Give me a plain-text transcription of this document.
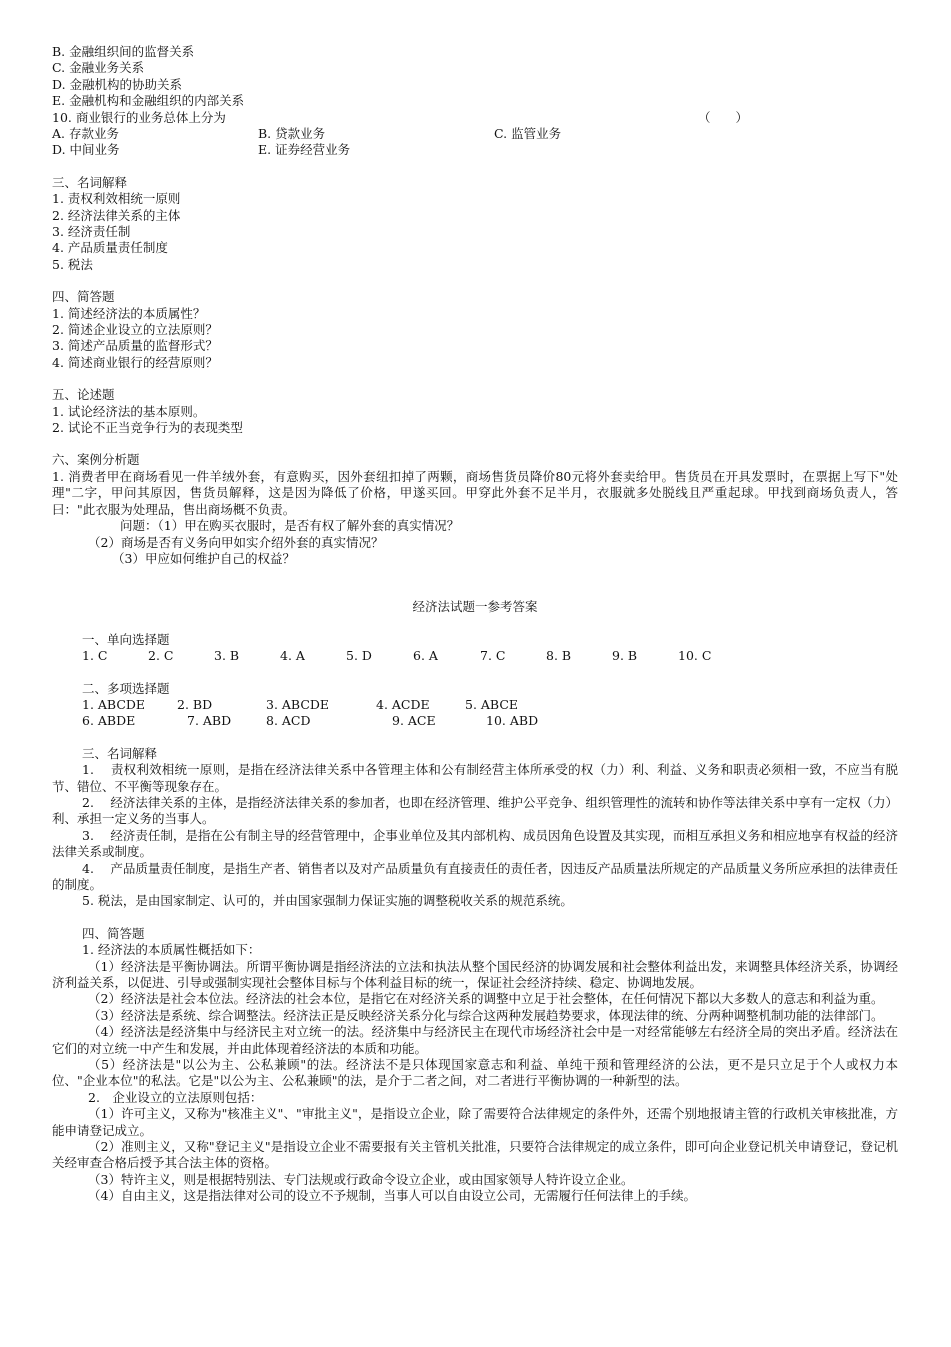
B. 金融组织间的监督关系
C. 金融业务关系
D. 金融机构的协助关系
E. 金融机构和金融组织的内部关系
10. 商业银行的业务总体上分为	（　　）
A. 存款业务	B. 贷款业务	C. 监管业务
D. 中间业务	E. 证券经营业务
三、名词解释
1. 责权利效相统一原则
2. 经济法律关系的主体
3. 经济责任制
4. 产品质量责任制度
5. 税法
四、简答题
1. 简述经济法的本质属性？
2. 简述企业设立的立法原则？
3. 简述产品质量的监督形式？
4. 简述商业银行的经营原则？
五、论述题
1. 试论经济法的基本原则。
2. 试论不正当竞争行为的表现类型
六、案例分析题
1. 消费者甲在商场看见一件羊绒外套，有意购买，因外套纽扣掉了两颗，商场售货员降价80元将外套卖给甲。售货员在开具发票时，在票据上写下"处理"二字，甲问其原因，售货员解释，这是因为降低了价格，甲遂买回。甲穿此外套不足半月，衣服就多处脱线且严重起球。甲找到商场负责人，答曰："此衣服为处理品，售出商场概不负责。
问题：（1）甲在购买衣服时，是否有权了解外套的真实情况？
（2）商场是否有义务向甲如实介绍外套的真实情况？
（3）甲应如何维护自己的权益？
经济法试题一参考答案
一、单向选择题
1. C	2. C	3. B	4. A	5. D	6. A	7. C	8. B	9. B	10. C
二、多项选择题
1. ABCDE	2. BD	3. ABCDE	4. ACDE	5. ABCE
6. ABDE	7. ABD	8. ACD	9. ACE	10. ABD
三、名词解释
1.　 责权利效相统一原则，是指在经济法律关系中各管理主体和公有制经营主体所承受的权（力）利、利益、义务和职责必须相一致，不应当有脱节、错位、不平衡等现象存在。
2.　 经济法律关系的主体，是指经济法律关系的参加者，也即在经济管理、维护公平竞争、组织管理性的流转和协作等法律关系中享有一定权（力）利、承担一定义务的当事人。
3.　 经济责任制，是指在公有制主导的经营管理中，企事业单位及其内部机构、成员因角色设置及其实现，而相互承担义务和相应地享有权益的经济法律关系或制度。
4.　 产品质量责任制度，是指生产者、销售者以及对产品质量负有直接责任的责任者，因违反产品质量法所规定的产品质量义务所应承担的法律责任的制度。
5. 税法，是由国家制定、认可的，并由国家强制力保证实施的调整税收关系的规范系统。
四、简答题
1. 经济法的本质属性概括如下：
（1）经济法是平衡协调法。所谓平衡协调是指经济法的立法和执法从整个国民经济的协调发展和社会整体利益出发，来调整具体经济关系，协调经济利益关系，以促进、引导或强制实现社会整体目标与个体利益目标的统一，保证社会经济持续、稳定、协调地发展。
（2）经济法是社会本位法。经济法的社会本位，是指它在对经济关系的调整中立足于社会整体，在任何情况下都以大多数人的意志和利益为重。
（3）经济法是系统、综合调整法。经济法正是反映经济关系分化与综合这两种发展趋势要求，体现法律的统、分两种调整机制功能的法律部门。
（4）经济法是经济集中与经济民主对立统一的法。经济集中与经济民主在现代市场经济社会中是一对经常能够左右经济全局的突出矛盾。经济法在它们的对立统一中产生和发展，并由此体现着经济法的本质和功能。
（5）经济法是"以公为主、公私兼顾"的法。经济法不是只体现国家意志和利益、单纯干预和管理经济的公法，更不是只立足于个人或权力本位、"企业本位"的私法。它是"以公为主、公私兼顾"的法，是介于二者之间，对二者进行平衡协调的一种新型的法。
2.　企业设立的立法原则包括：
（1）许可主义，又称为"核准主义"、"审批主义"，是指设立企业，除了需要符合法律规定的条件外，还需个别地报请主管的行政机关审核批准，方能申请登记成立。
（2）准则主义，又称"登记主义"是指设立企业不需要报有关主管机关批准，只要符合法律规定的成立条件，即可向企业登记机关申请登记，登记机关经审查合格后授予其合法主体的资格。
（3）特许主义，则是根据特别法、专门法规或行政命令设立企业，或由国家领导人特许设立企业。
（4）自由主义，这是指法律对公司的设立不予规制，当事人可以自由设立公司，无需履行任何法律上的手续。
